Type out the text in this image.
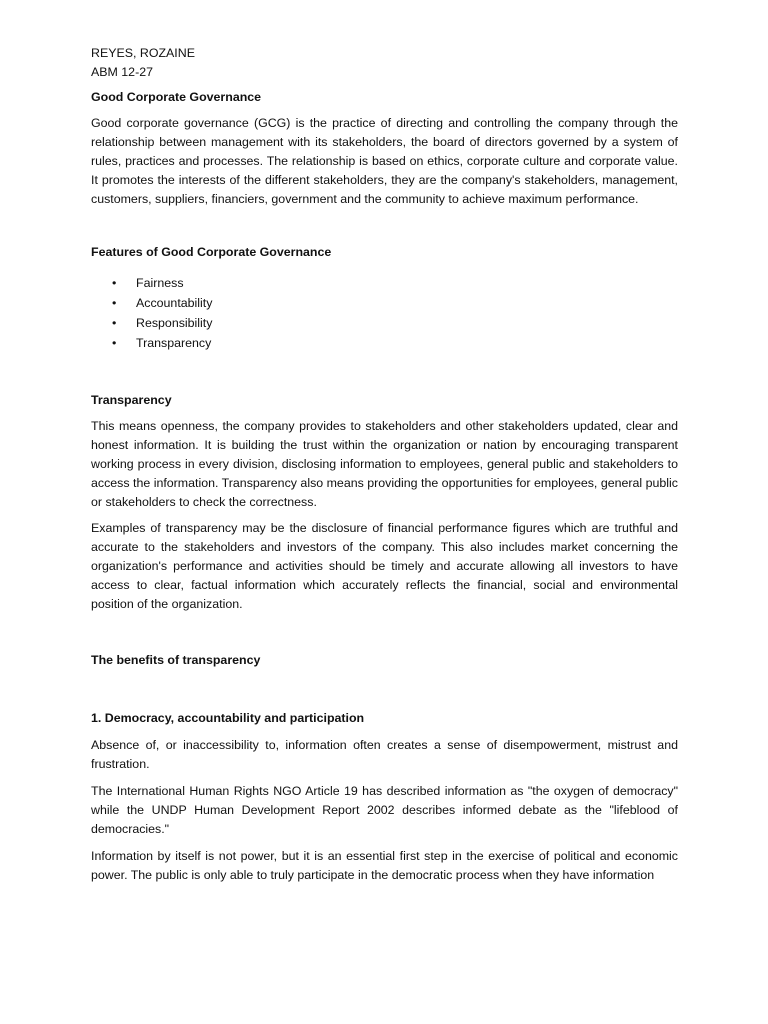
REYES, ROZAINE
ABM 12-27
Good Corporate Governance

Good corporate governance (GCG) is the practice of directing and controlling the company through the relationship between management with its stakeholders, the board of directors governed by a system of rules, practices and processes. The relationship is based on ethics, corporate culture and corporate value. It promotes the interests of the different stakeholders, they are the company's stakeholders, management, customers, suppliers, financiers, government and the community to achieve maximum performance.

Features of Good Corporate Governance
• Fairness
• Accountability
• Responsibility
• Transparency
Transparency

This means openness, the company provides to stakeholders and other stakeholders updated, clear and honest information. It is building the trust within the organization or nation by encouraging transparent working process in every division, disclosing information to employees, general public and stakeholders to access the information. Transparency also means providing the opportunities for employees, general public or stakeholders to check the correctness.

Examples of transparency may be the disclosure of financial performance figures which are truthful and accurate to the stakeholders and investors of the company. This also includes market concerning the organization's performance and activities should be timely and accurate allowing all investors to have access to clear, factual information which accurately reflects the financial, social and environmental position of the organization.

The benefits of transparency
1. Democracy, accountability and participation

Absence of, or inaccessibility to, information often creates a sense of disempowerment, mistrust and frustration.

The International Human Rights NGO Article 19 has described information as "the oxygen of democracy" while the UNDP Human Development Report 2002 describes informed debate as the "lifeblood of democracies."

Information by itself is not power, but it is an essential first step in the exercise of political and economic power. The public is only able to truly participate in the democratic process when they have information
